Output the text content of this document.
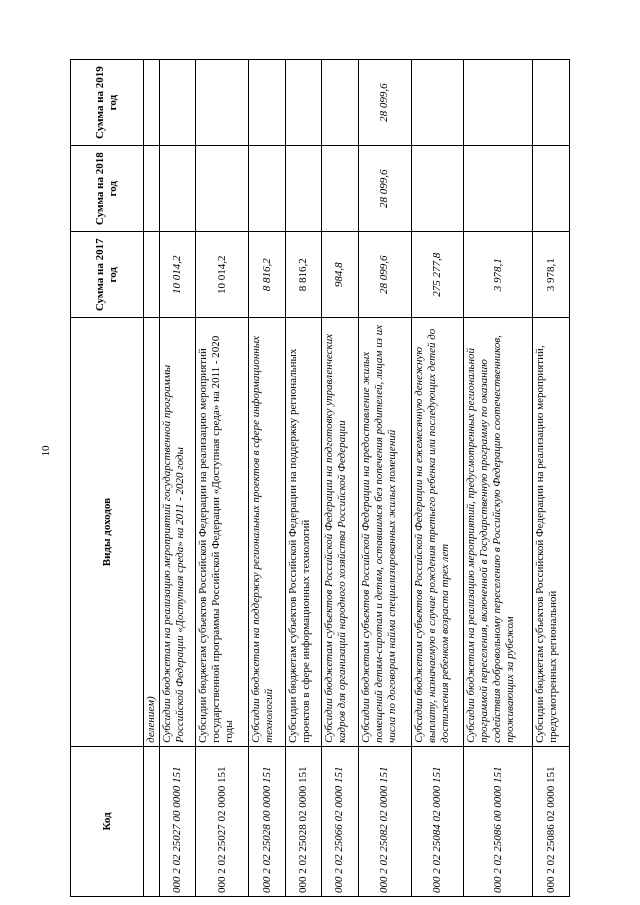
10
Код	Виды доходов	Сумма на 2017 год	Сумма на 2018 год	Сумма на 2019 год
	делением)			
000 2 02 25027 00 0000 151	Субсидии бюджетам на реализацию мероприятий государственной программы Российской Федерации «Доступная среда» на 2011 - 2020 годы	10 014,2		
000 2 02 25027 02 0000 151	Субсидии бюджетам субъектов Российской Федерации на реализацию мероприятий государственной программы Российской Федерации «Доступная среда» на 2011 - 2020 годы	10 014,2		
000 2 02 25028 00 0000 151	Субсидии бюджетам на поддержку региональных проектов в сфере информационных технологий	8 816,2		
000 2 02 25028 02 0000 151	Субсидии бюджетам субъектов Российской Федерации на поддержку региональных проектов в сфере информационных технологий	8 816,2		
000 2 02 25066 02 0000 151	Субсидии бюджетам субъектов Российской Федерации на подготовку управленческих кадров для организаций народного хозяйства Российской Федерации	984,8		
000 2 02 25082 02 0000 151	Субсидии бюджетам субъектов Российской Федерации на предоставление жилых помещений детям-сиротам и детям, оставшимся без попечения родителей, лицам из их числа по договорам найма специализированных жилых помещений	28 099,6	28 099,6	28 099,6
000 2 02 25084 02 0000 151	Субсидии бюджетам субъектов Российской Федерации на ежемесячную денежную выплату, назначаемую в случае рождения третьего ребенка или последующих детей до достижения ребенком возраста трех лет	275 277,8		
000 2 02 25086 00 0000 151	Субсидии бюджетам на реализацию мероприятий, предусмотренных региональной программой переселения, включенной в Государственную программу по оказанию содействия добровольному переселению в Российскую Федерацию соотечественников, проживающих за рубежом	3 978,1		
000 2 02 25086 02 0000 151	Субсидии бюджетам субъектов Российской Федерации на реализацию мероприятий, предусмотренных региональной	3 978,1		
